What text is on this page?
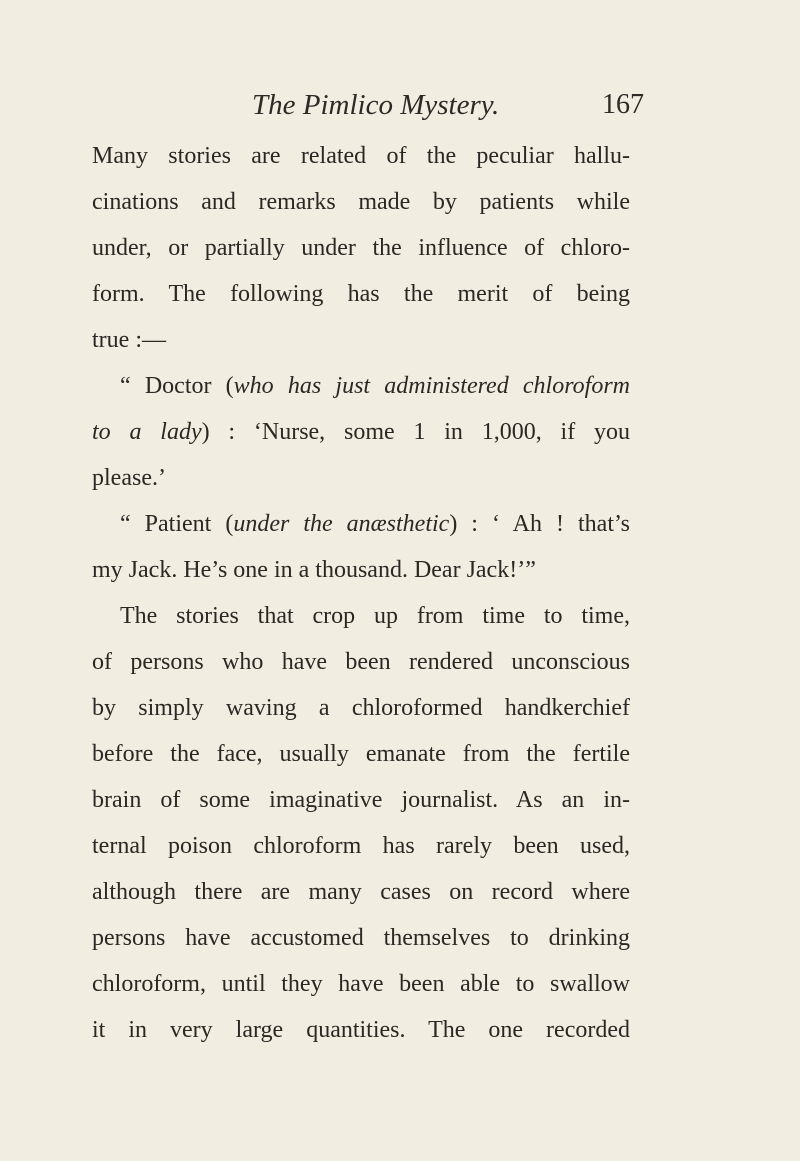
The Pimlico Mystery.	167
Many stories are related of the peculiar hallu-
cinations and remarks made by patients while
under, or partially under the influence of chloro-
form. The following has the merit of being
true :—
“ Doctor (who has just administered chloroform
to a lady) : ‘Nurse, some 1 in 1,000, if you
please.’
“ Patient (under the anæsthetic) : ‘ Ah ! that’s
my Jack. He’s one in a thousand. Dear Jack!’”
The stories that crop up from time to time,
of persons who have been rendered unconscious
by simply waving a chloroformed handkerchief
before the face, usually emanate from the fertile
brain of some imaginative journalist. As an in-
ternal poison chloroform has rarely been used,
although there are many cases on record where
persons have accustomed themselves to drinking
chloroform, until they have been able to swallow
it in very large quantities. The one recorded
